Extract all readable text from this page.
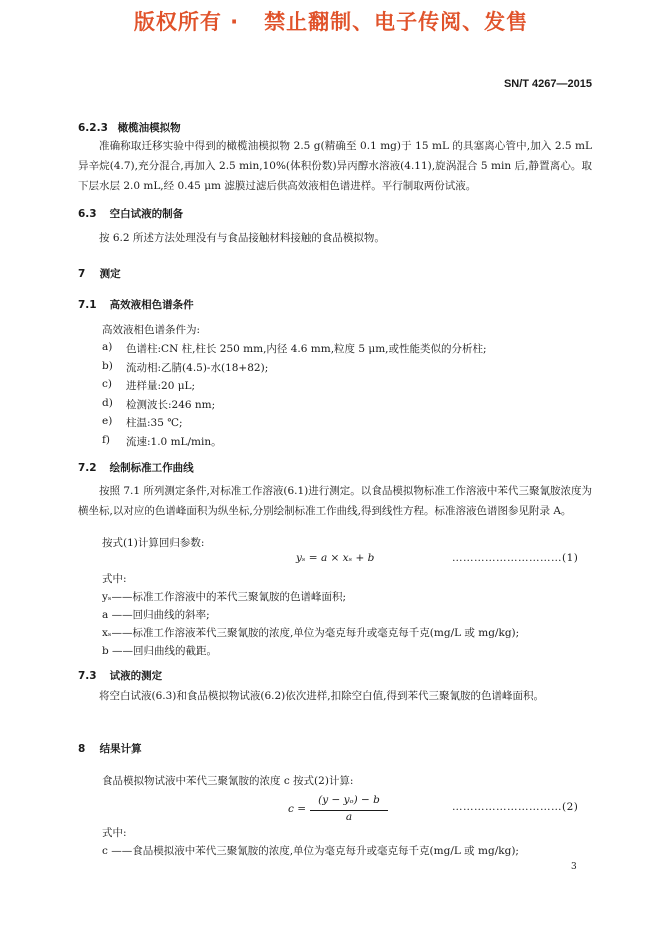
版权所有 ·   禁止翻制、电子传阅、发售
SN/T 4267—2015
6.2.3 橄榄油模拟物
准确称取迁移实验中得到的橄榄油模拟物 2.5 g(精确至 0.1 mg)于 15 mL 的具塞离心管中,加入 2.5 mL 异辛烷(4.7),充分混合,再加入 2.5 min,10%(体积份数)异丙醇水溶液(4.11),旋涡混合 5 min 后,静置离心。取下层水层 2.0 mL,经 0.45 μm 滤膜过滤后供高效液相色谱进样。平行制取两份试液。
6.3 空白试液的制备
按 6.2 所述方法处理没有与食品接触材料接触的食品模拟物。
7 测定
7.1 高效液相色谱条件
高效液相色谱条件为:
a) 色谱柱:CN 柱,柱长 250 mm,内径 4.6 mm,粒度 5 μm,或性能类似的分析柱;
b) 流动相:乙腈(4.5)-水(18+82);
c) 进样量:20 μL;
d) 检测波长:246 nm;
e) 柱温:35 ℃;
f) 流速:1.0 mL/min。
7.2 绘制标准工作曲线
按照 7.1 所列测定条件,对标准工作溶液(6.1)进行测定。以食品模拟物标准工作溶液中苯代三聚氰胺浓度为横坐标,以对应的色谱峰面积为纵坐标,分别绘制标准工作曲线,得到线性方程。标准溶液色谱图参见附录 A。
按式(1)计算回归参数:
yₛ = a × xₛ + b	…………………………(1)
式中:
yₛ——标准工作溶液中的苯代三聚氰胺的色谱峰面积;
a ——回归曲线的斜率;
xₛ——标准工作溶液苯代三聚氰胺的浓度,单位为毫克每升或毫克每千克(mg/L 或 mg/kg);
b ——回归曲线的截距。
7.3 试液的测定
将空白试液(6.3)和食品模拟物试液(6.2)依次进样,扣除空白值,得到苯代三聚氰胺的色谱峰面积。
8 结果计算
食品模拟物试液中苯代三聚氰胺的浓度 c 按式(2)计算:
c =
(y − yₒ) − b
a
…………………………(2)
式中:
c ——食品模拟液中苯代三聚氰胺的浓度,单位为毫克每升或毫克每千克(mg/L 或 mg/kg);
3
